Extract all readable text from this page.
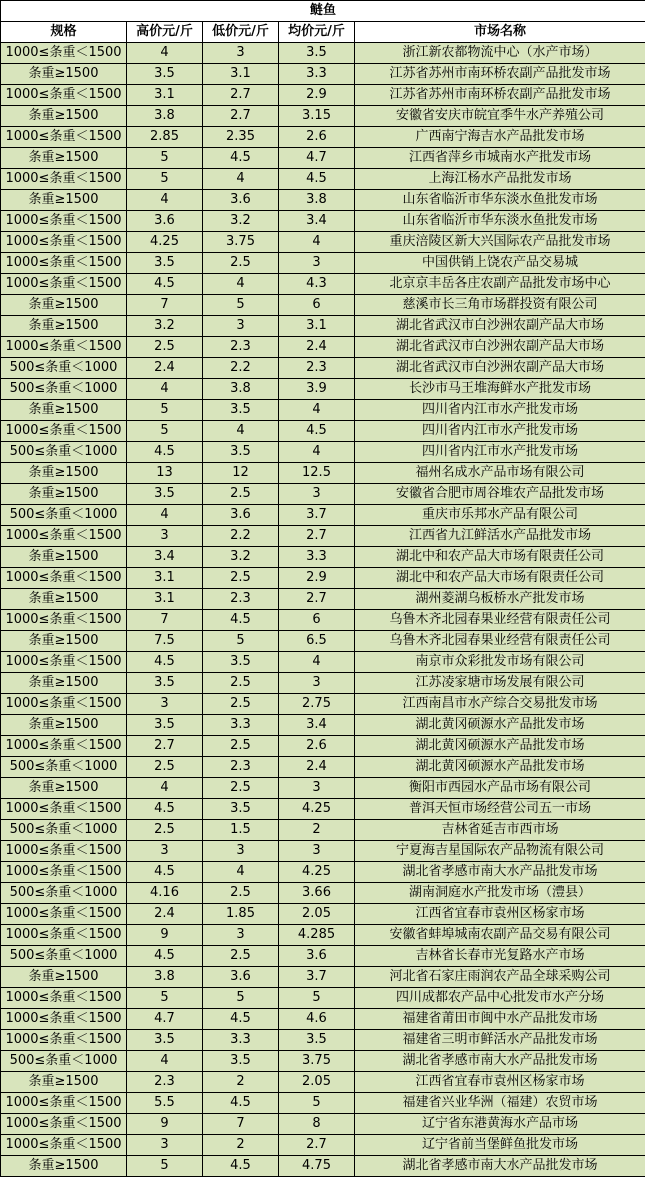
鲢鱼				
规格	高价元/斤	低价元/斤	均价元/斤	市场名称
1000≤条重＜1500	4	3	3.5	浙江新农都物流中心（水产市场）
条重≥1500	3.5	3.1	3.3	江苏省苏州市南环桥农副产品批发市场
1000≤条重＜1500	3.1	2.7	2.9	江苏省苏州市南环桥农副产品批发市场
条重≥1500	3.8	2.7	3.15	安徽省安庆市皖宜季牛水产养殖公司
1000≤条重＜1500	2.85	2.35	2.6	广西南宁海吉水产品批发市场
条重≥1500	5	4.5	4.7	江西省萍乡市城南水产批发市场
1000≤条重＜1500	5	4	4.5	上海江杨水产品批发市场
条重≥1500	4	3.6	3.8	山东省临沂市华东淡水鱼批发市场
1000≤条重＜1500	3.6	3.2	3.4	山东省临沂市华东淡水鱼批发市场
1000≤条重＜1500	4.25	3.75	4	重庆涪陵区新大兴国际农产品批发市场
1000≤条重＜1500	3.5	2.5	3	中国供销上饶农产品交易城
1000≤条重＜1500	4.5	4	4.3	北京京丰岳各庄农副产品批发市场中心
条重≥1500	7	5	6	慈溪市长三角市场群投资有限公司
条重≥1500	3.2	3	3.1	湖北省武汉市白沙洲农副产品大市场
1000≤条重＜1500	2.5	2.3	2.4	湖北省武汉市白沙洲农副产品大市场
500≤条重＜1000	2.4	2.2	2.3	湖北省武汉市白沙洲农副产品大市场
500≤条重＜1000	4	3.8	3.9	长沙市马王堆海鲜水产批发市场
条重≥1500	5	3.5	4	四川省内江市水产批发市场
1000≤条重＜1500	5	4	4.5	四川省内江市水产批发市场
500≤条重＜1000	4.5	3.5	4	四川省内江市水产批发市场
条重≥1500	13	12	12.5	福州名成水产品市场有限公司
条重≥1500	3.5	2.5	3	安徽省合肥市周谷堆农产品批发市场
500≤条重＜1000	4	3.6	3.7	重庆市乐邦水产品有限公司
1000≤条重＜1500	3	2.2	2.7	江西省九江鲜活水产品批发市场
条重≥1500	3.4	3.2	3.3	湖北中和农产品大市场有限责任公司
1000≤条重＜1500	3.1	2.5	2.9	湖北中和农产品大市场有限责任公司
条重≥1500	3.1	2.3	2.7	湖州菱湖乌板桥水产批发市场
1000≤条重＜1500	7	4.5	6	乌鲁木齐北园春果业经营有限责任公司
条重≥1500	7.5	5	6.5	乌鲁木齐北园春果业经营有限责任公司
1000≤条重＜1500	4.5	3.5	4	南京市众彩批发市场有限公司
条重≥1500	3.5	2.5	3	江苏凌家塘市场发展有限公司
1000≤条重＜1500	3	2.5	2.75	江西南昌市水产综合交易批发市场
条重≥1500	3.5	3.3	3.4	湖北黄冈硕源水产品批发市场
1000≤条重＜1500	2.7	2.5	2.6	湖北黄冈硕源水产品批发市场
500≤条重＜1000	2.5	2.3	2.4	湖北黄冈硕源水产品批发市场
条重≥1500	4	2.5	3	衡阳市西园水产品市场有限公司
1000≤条重＜1500	4.5	3.5	4.25	普洱天恒市场经营公司五一市场
500≤条重＜1000	2.5	1.5	2	吉林省延吉市西市场
1000≤条重＜1500	3	3	3	宁夏海吉星国际农产品物流有限公司
1000≤条重＜1500	4.5	4	4.25	湖北省孝感市南大水产品批发市场
500≤条重＜1000	4.16	2.5	3.66	湖南洞庭水产批发市场（澧县）
1000≤条重＜1500	2.4	1.85	2.05	江西省宜春市袁州区杨家市场
1000≤条重＜1500	9	3	4.285	安徽省蚌埠城南农副产品交易有限公司
500≤条重＜1000	4.5	2.5	3.6	吉林省长春市光复路水产市场
条重≥1500	3.8	3.6	3.7	河北省石家庄雨润农产品全球采购公司
1000≤条重＜1500	5	5	5	四川成都农产品中心批发市水产分场
1000≤条重＜1500	4.7	4.5	4.6	福建省莆田市闽中水产品批发市场
1000≤条重＜1500	3.5	3.3	3.5	福建省三明市鲜活水产品批发市场
500≤条重＜1000	4	3.5	3.75	湖北省孝感市南大水产品批发市场
条重≥1500	2.3	2	2.05	江西省宜春市袁州区杨家市场
1000≤条重＜1500	5.5	4.5	5	福建省兴业华洲（福建）农贸市场
1000≤条重＜1500	9	7	8	辽宁省东港黄海水产品市场
1000≤条重＜1500	3	2	2.7	辽宁省前当堡鲜鱼批发市场
条重≥1500	5	4.5	4.75	湖北省孝感市南大水产品批发市场
